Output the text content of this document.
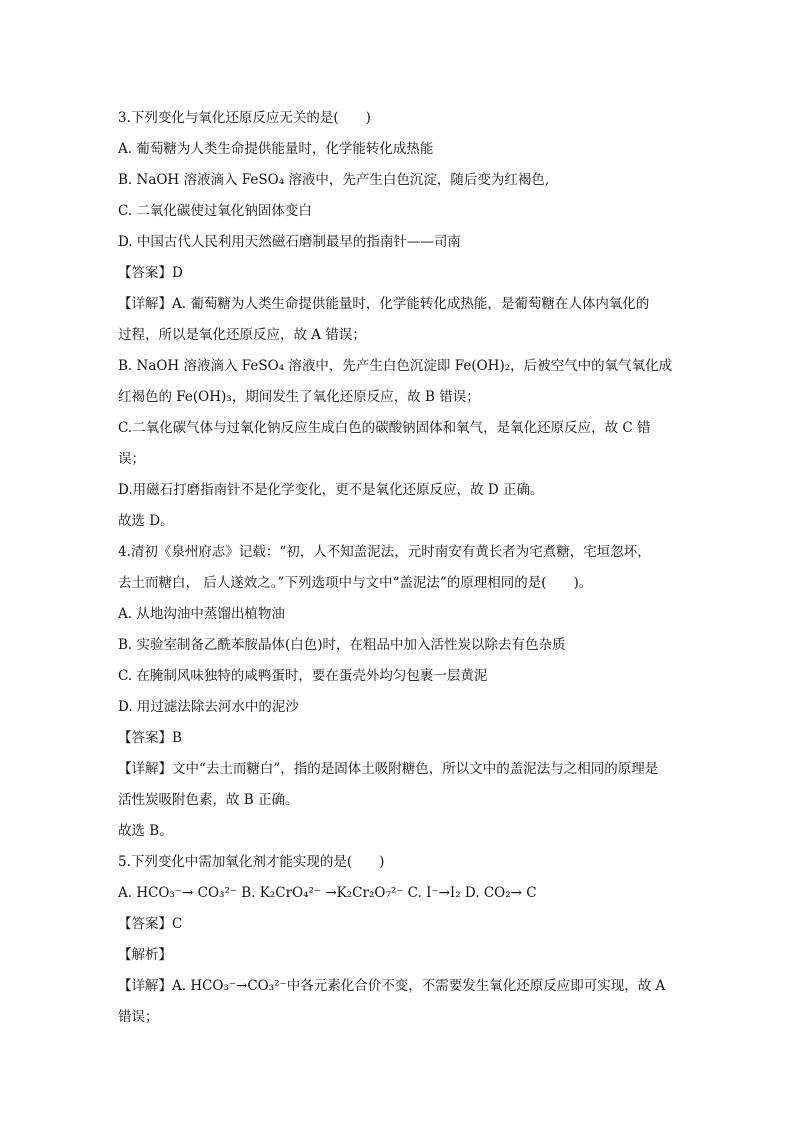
3.下列变化与氧化还原反应无关的是(　　)
A. 葡萄糖为人类生命提供能量时，化学能转化成热能
B. NaOH 溶液滴入 FeSO₄ 溶液中，先产生白色沉淀，随后变为红褐色,
C. 二氧化碳使过氧化钠固体变白
D. 中国古代人民利用天然磁石磨制最早的指南针——司南
【答案】D
【详解】A. 葡萄糖为人类生命提供能量时，化学能转化成热能，是葡萄糖在人体内氧化的
过程，所以是氧化还原反应，故 A 错误；
B. NaOH 溶液滴入 FeSO₄ 溶液中，先产生白色沉淀即 Fe(OH)₂，后被空气中的氧气氧化成
红褐色的 Fe(OH)₃，期间发生了氧化还原反应，故 B 错误；
C.二氧化碳气体与过氧化钠反应生成白色的碳酸钠固体和氧气，是氧化还原反应，故 C 错
误；
D.用磁石打磨指南针不是化学变化，更不是氧化还原反应，故 D 正确。
故选 D。
4.清初《泉州府志》记载：“初，人不知盖泥法，元时南安有黄长者为宅煮糖，宅垣忽坏，
去土而糖白， 后人遂效之。”下列选项中与文中“盖泥法”的原理相同的是(　　)。
A. 从地沟油中蒸馏出植物油
B. 实验室制备乙酰苯胺晶体(白色)时，在粗品中加入活性炭以除去有色杂质
C. 在腌制风味独特的咸鸭蛋时，要在蛋壳外均匀包裹一层黄泥
D. 用过滤法除去河水中的泥沙
【答案】B
【详解】文中“去土而糖白”，指的是固体土吸附糖色，所以文中的盖泥法与之相同的原理是
活性炭吸附色素，故 B 正确。
故选 B。
5.下列变化中需加氧化剂才能实现的是(　　)
A. HCO₃⁻→ CO₃²⁻ B. K₂CrO₄²⁻ →K₂Cr₂O₇²⁻ C. I⁻→I₂ D. CO₂→ C
【答案】C
【解析】
【详解】A. HCO₃⁻→CO₃²⁻中各元素化合价不变，不需要发生氧化还原反应即可实现，故 A
错误；
